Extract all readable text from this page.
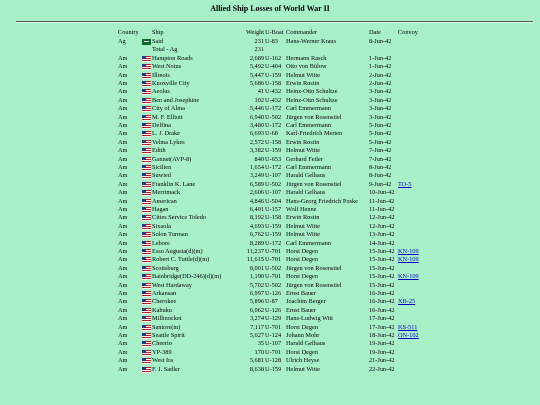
Allied Ship Losses of World War II
Country Ship	Weight U-Boat Commander	Date	Convoy
Ag	Said	231 U-83 Hans-Werner Kraus	8-Jun-42
Total - Ag	231
Am	Hampton Roads	2,689 U-162 Hermann Rasch	1-Jun-42
Am	West Notus	5,492 U-404 Otto von Bülow	1-Jun-42
Am	Illinois	5,447 U-159 Helmut Witte	2-Jun-42
Am	Knoxville City	5,686 U-158 Erwin Rostin	2-Jun-42
Am	Aeolus	41 U-432 Heinz-Otto Schultze	3-Jun-42
Am	Ben and Josephine	102 U-432 Heinz-Otto Schultze	3-Jun-42
Am	City of Alma	5,446 U-172 Carl Emmermann	3-Jun-42
Am	M. F. Elliott	6,940 U-502 Jürgen von Rosenstiel	3-Jun-42
Am	Delfina	3,480 U-172 Carl Emmermann	5-Jun-42
Am	L. J. Drake	6,693 U-68 Karl-Friedrich Merten	5-Jun-42
Am	Velma Lykes	2,572 U-158 Erwin Rostin	5-Jun-42
Am	Edith	3,382 U-159 Helmut Witte	7-Jun-42
Am	Gannet(AVP-8)	840 U-653 Gerhard Feiler	7-Jun-42
Am	Sicilien	1,654 U-172 Carl Emmermann	8-Jun-42
Am	Suwied	3,249 U-107 Harald Gelhaus	8-Jun-42
Am	Franklin K. Lane	6,589 U-502 Jürgen von Rosenstiel	9-Jun-42 TO-5
Am	Merrimack	2,606 U-107 Harald Gelhaus	10-Jun-42
Am	American	4,846 U-504 Hans-Georg Friedrich Poske 11-Jun-42
Am	Hagan	6,401 U-157 Wolf Henne	11-Jun-42
Am	Cities Service Toledo	8,192 U-158 Erwin Rostin	12-Jun-42
Am	Sixaola	4,693 U-159 Helmut Witte	12-Jun-42
Am	Solon Turman	6,762 U-159 Helmut Witte	13-Jun-42
Am	Lebore	8,289 U-172 Carl Emmermann	14-Jun-42
Am	Esso Augusta(d)(m)	11,237 U-701 Horst Degen	15-Jun-42 KN-109
Am	Robert C. Tuttle(d)(m)	11,615 U-701 Horst Degen	15-Jun-42 KN-109
Am	Scottsburg	8,001 U-502 Jürgen von Rosenstiel	15-Jun-42
Am	Bainbridge(DD-246)(d)(m)	1,190 U-701 Horst Degen	15-Jun-42 KN-109
Am	West Hardaway	5,702 U-502 Jürgen von Rosenstiel	15-Jun-42
Am	Arkansan	6,997 U-126 Ernst Bauer	16-Jun-42
Am	Cherokee	5,896 U-87 Joachim Berger	16-Jun-42 XB-25
Am	Kahuku	6,062 U-126 Ernst Bauer	16-Jun-42
Am	Millinocket	3,274 U-129 Hans-Ludwig Witt	17-Jun-42
Am	Santore(m)	7,117 U-701 Horst Degen	17-Jun-42 KS-511
Am	Seattle Spirit	5,627 U-124 Johann Mohr	18-Jun-42 ON-102
Am	Cheerio	35 U-107 Harald Gelhaus	19-Jun-42
Am	YP-389	170 U-701 Horst Degen	19-Jun-42
Am	West Ira	5,681 U-128 Ulrich Heyse	21-Jun-42
Am	F. J. Sadler	8,638 U-159 Helmut Witte	22-Jun-42
